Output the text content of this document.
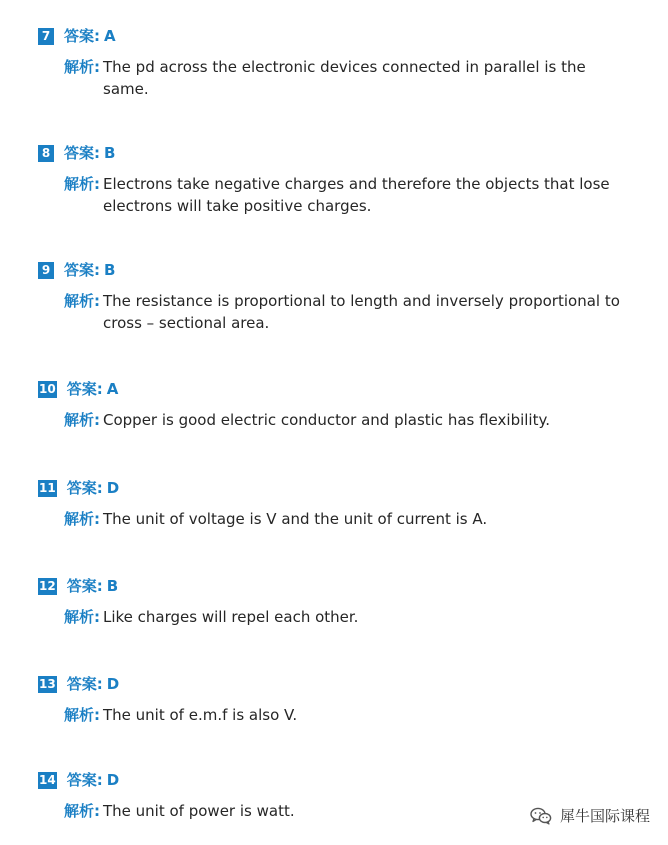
7 答案: A
解析: The pd across the electronic devices connected in parallel is the same.
8 答案: B
解析: Electrons take negative charges and therefore the objects that lose electrons will take positive charges.
9 答案: B
解析: The resistance is proportional to length and inversely proportional to cross – sectional area.
10 答案: A
解析: Copper is good electric conductor and plastic has flexibility.
11 答案: D
解析: The unit of voltage is V and the unit of current is A.
12 答案: B
解析: Like charges will repel each other.
13 答案: D
解析: The unit of e.m.f is also V.
14 答案: D
解析: The unit of power is watt.	犀牛国际课程
